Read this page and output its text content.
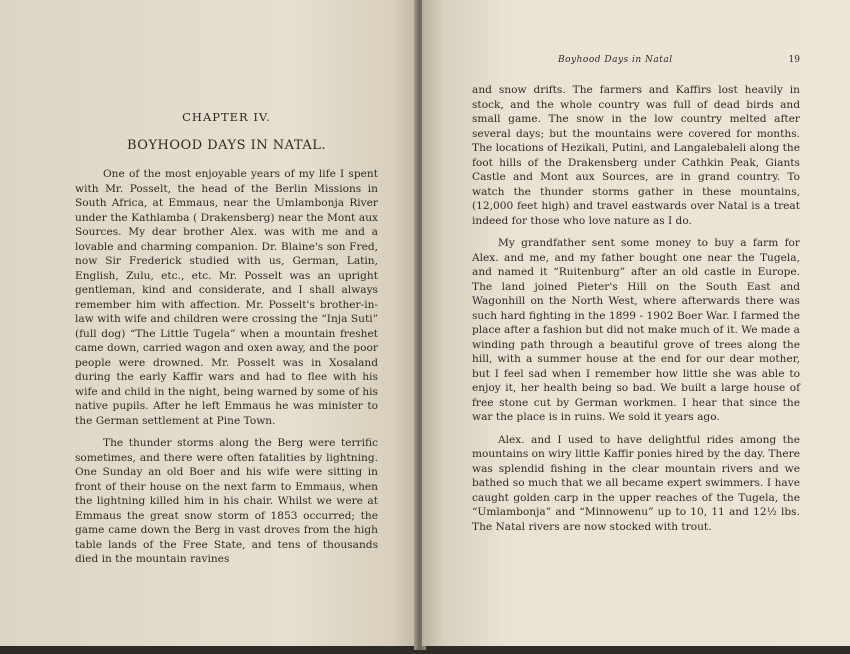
CHAPTER IV.
BOYHOOD DAYS IN NATAL.

One of the most enjoyable years of my life I spent with Mr. Posselt, the head of the Berlin Missions in South Africa, at Emmaus, near the Umlambonja River under the Kathlamba ( Drakensberg) near the Mont aux Sources. My dear brother Alex. was with me and a lovable and charming companion. Dr. Blaine's son Fred, now Sir Frederick studied with us, German, Latin, English, Zulu, etc., etc. Mr. Posselt was an upright gentleman, kind and considerate, and I shall always remember him with affection. Mr. Posselt's brother-in-law with wife and children were crossing the “Inja Suti” (full dog) “The Little Tugela” when a mountain freshet came down, carried wagon and oxen away, and the poor people were drowned. Mr. Posselt was in Xosaland during the early Kaffir wars and had to flee with his wife and child in the night, being warned by some of his native pupils. After he left Emmaus he was minister to the German settlement at Pine Town.

The thunder storms along the Berg were terrific sometimes, and there were often fatalities by lightning. One Sunday an old Boer and his wife were sitting in front of their house on the next farm to Emmaus, when the lightning killed him in his chair. Whilst we were at Emmaus the great snow storm of 1853 occurred; the game came down the Berg in vast droves from the high table lands of the Free State, and tens of thousands died in the mountain ravines

Boyhood Days in Natal	19

and snow drifts. The farmers and Kaffirs lost heavily in stock, and the whole country was full of dead birds and small game. The snow in the low country melted after several days; but the mountains were covered for months. The locations of Hezikali, Putini, and Langalebaleli along the foot hills of the Drakensberg under Cathkin Peak, Giants Castle and Mont aux Sources, are in grand country. To watch the thunder storms gather in these mountains, (12,000 feet high) and travel eastwards over Natal is a treat indeed for those who love nature as I do.

My grandfather sent some money to buy a farm for Alex. and me, and my father bought one near the Tugela, and named it “Ruitenburg” after an old castle in Europe. The land joined Pieter's Hill on the South East and Wagonhill on the North West, where afterwards there was such hard fighting in the 1899 - 1902 Boer War. I farmed the place after a fashion but did not make much of it. We made a winding path through a beautiful grove of trees along the hill, with a summer house at the end for our dear mother, but I feel sad when I remember how little she was able to enjoy it, her health being so bad. We built a large house of free stone cut by German workmen. I hear that since the war the place is in ruins. We sold it years ago.

Alex. and I used to have delightful rides among the mountains on wiry little Kaffir ponies hired by the day. There was splendid fishing in the clear mountain rivers and we bathed so much that we all became expert swimmers. I have caught golden carp in the upper reaches of the Tugela, the “Umlambonja” and “Minnowenu” up to 10, 11 and 12½ lbs. The Natal rivers are now stocked with trout.
